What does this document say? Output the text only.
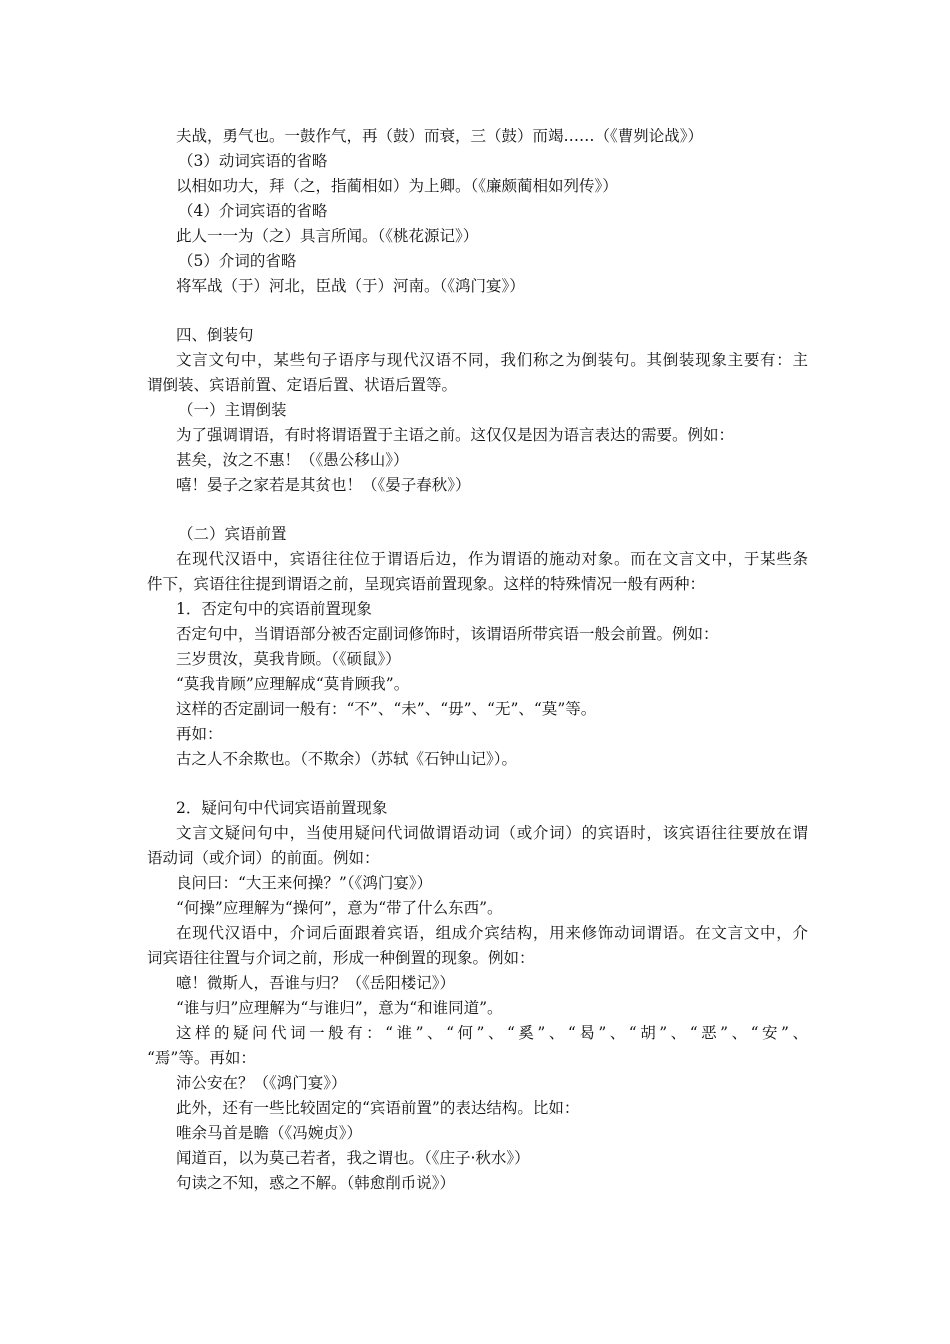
夫战，勇气也。一鼓作气，再（鼓）而衰，三（鼓）而竭……（《曹刿论战》）
（3）动词宾语的省略
以相如功大，拜（之，指蔺相如）为上卿。（《廉颇蔺相如列传》）
（4）介词宾语的省略
此人一一为（之）具言所闻。（《桃花源记》）
（5）介词的省略
将军战（于）河北，臣战（于）河南。（《鸿门宴》）
四、倒装句
文言文句中，某些句子语序与现代汉语不同，我们称之为倒装句。其倒装现象主要有：主
谓倒装、宾语前置、定语后置、状语后置等。
（一）主谓倒装
为了强调谓语，有时将谓语置于主语之前。这仅仅是因为语言表达的需要。例如：
甚矣，汝之不惠！（《愚公移山》）
嘻！晏子之家若是其贫也！（《晏子春秋》）
（二）宾语前置
在现代汉语中，宾语往往位于谓语后边，作为谓语的施动对象。而在文言文中，于某些条
件下，宾语往往提到谓语之前，呈现宾语前置现象。这样的特殊情况一般有两种：
1．否定句中的宾语前置现象
否定句中，当谓语部分被否定副词修饰时，该谓语所带宾语一般会前置。例如：
三岁贯汝，莫我肯顾。（《硕鼠》）
“莫我肯顾”应理解成“莫肯顾我”。
这样的否定副词一般有：“不”、“未”、“毋”、“无”、“莫”等。
再如：
古之人不余欺也。（不欺余）（苏轼《石钟山记》）。
2．疑问句中代词宾语前置现象
文言文疑问句中，当使用疑问代词做谓语动词（或介词）的宾语时，该宾语往往要放在谓
语动词（或介词）的前面。例如：
良问曰：“大王来何操？”（《鸿门宴》）
“何操”应理解为“操何”，意为“带了什么东西”。
在现代汉语中，介词后面跟着宾语，组成介宾结构，用来修饰动词谓语。在文言文中，介
词宾语往往置与介词之前，形成一种倒置的现象。例如：
噫！微斯人，吾谁与归？（《岳阳楼记》）
“谁与归”应理解为“与谁归”，意为“和谁同道”。
这样的疑问代词一般有：“谁”、“何”、“奚”、“曷”、“胡”、“恶”、“安”、
“焉”等。再如：
沛公安在？（《鸿门宴》）
此外，还有一些比较固定的“宾语前置”的表达结构。比如：
唯余马首是瞻（《冯婉贞》）
闻道百，以为莫己若者，我之谓也。（《庄子·秋水》）
句读之不知，惑之不解。（韩愈削币说》）
